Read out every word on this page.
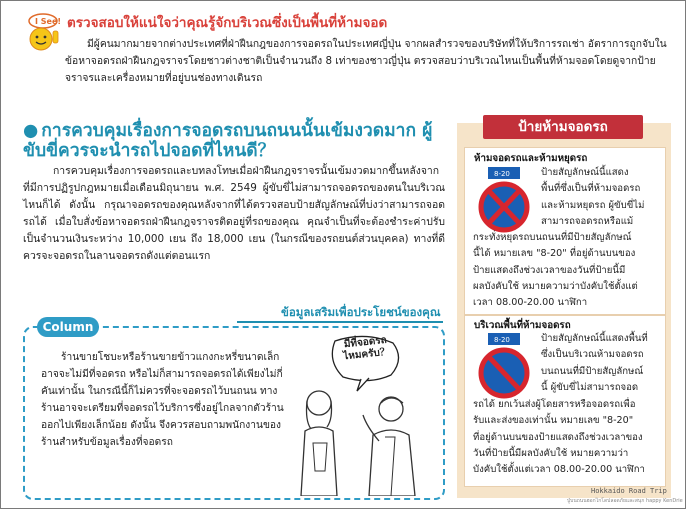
I See! ตรวจสอบให้แน่ใจว่าคุณรู้จักบริเวณซึ่งเป็นพื้นที่ห้ามจอด
มีผู้คนมากมายจากต่างประเทศที่ฝ่าฝืนกฎของการจอดรถในประเทศญี่ปุ่น จากผลสำรวจของบริษัทที่ให้บริการรถเช่า อัตราการถูกจับในข้อหาจอดรถฝ่าฝืนกฎจราจรโดยชาวต่างชาติเป็นจำนวนถึง 8 เท่าของชาวญี่ปุ่น ตรวจสอบว่าบริเวณไหนเป็นพื้นที่ห้ามจอดโดยดูจากป้ายจราจรและเครื่องหมายที่อยู่บนช่องทางเดินรถ
● การควบคุมเรื่องการจอดรถบนถนนนั้นเข้มงวดมาก ผู้ขับขี่ควรจะนำรถไปจอดที่ไหนดี？
การควบคุมเรื่องการจอดรถและบทลงโทษเมื่อฝ่าฝืนกฎจราจรนั้นเข้มงวดมากขึ้นหลังจากที่มีการปฏิรูปกฎหมายเมื่อเดือนมิถุนายน พ.ศ. 2549 ผู้ขับขี่ไม่สามารถจอดรถของตนในบริเวณไหนก็ได้ ดังนั้น กรุณาจอดรถของคุณหลังจากที่ได้ตรวจสอบป้ายสัญลักษณ์ที่บ่งว่าสามารถจอดรถได้ เมื่อใบสั่งข้อหาจอดรถฝ่าฝืนกฎจราจรติดอยู่ที่รถของคุณ คุณจำเป็นที่จะต้องชำระค่าปรับเป็นจำนวนเงินระหว่าง 10,000 เยน ถึง 18,000 เยน (ในกรณีของรถยนต์ส่วนบุคคล) ทางที่ดีควรจะจอดรถในลานจอดรถดังแต่ตอนแรก
ข้อมูลเสริมเพื่อประโยชน์ของคุณ
Column
ร้านขายโชบะหรือร้านขายข้าวแกงกะหรี่ขนาดเล็กอาจจะไม่มีที่จอดรถ หรือไม่ก็สามารถจอดรถได้เพียงไม่กี่คันเท่านั้น ในกรณีนี้ก็ไม่ควรที่จะจอดรถไว้บนถนน ทางร้านอาจจะเตรียมที่จอดรถไว้บริการซึ่งอยู่ไกลจากตัวร้านออกไปเพียงเล็กน้อย ดังนั้น จึงควรสอบถามพนักงานของร้านสำหรับข้อมูลเรื่องที่จอดรถ
มีที่จอดรถไหมครับ？
ป้ายห้ามจอดรถ
ห้ามจอดรถและห้ามหยุดรถ
8-20	ป้ายสัญลักษณ์นี้แสดง
พื้นที่ซึ่งเป็นที่ห้ามจอดรถ
และห้ามหยุดรถ ผู้ขับขี่ไม่
สามารถจอดรถหรือแม้
กระทั่งหยุดรถบนถนนที่มีป้ายสัญลักษณ์
นี้ได้ หมายเลข "8-20" ที่อยู่ด้านบนของ
ป้ายแสดงถึงช่วงเวลาของวันที่ป้ายนี้มี
ผลบังคับใช้ หมายความว่าบังคับใช้ตั้งแต่
เวลา 08.00-20.00 นาฬิกา
บริเวณพื้นที่ห้ามจอดรถ
8-20	ป้ายสัญลักษณ์นี้แสดงพื้นที่
ซึ่งเป็นบริเวณห้ามจอดรถ
บนถนนที่มีป้ายสัญลักษณ์
นี้ ผู้ขับขี่ไม่สามารถจอด
รถได้ ยกเว้นส่งผู้โดยสารหรือจอดรถเพื่อ
รับและส่งของเท่านั้น หมายเลข "8-20"
ที่อยู่ด้านบนของป้ายแสดงถึงช่วงเวลาของ
วันที่ป้ายนี้มีผลบังคับใช้ หมายความว่า
บังคับใช้ตั้งแต่เวลา 08.00-20.00 นาฬิกา
Hokkaido Road Trip
ปู่บนถนนฮอกไกโดปลอดภัยและสนุก happy KenDrie
